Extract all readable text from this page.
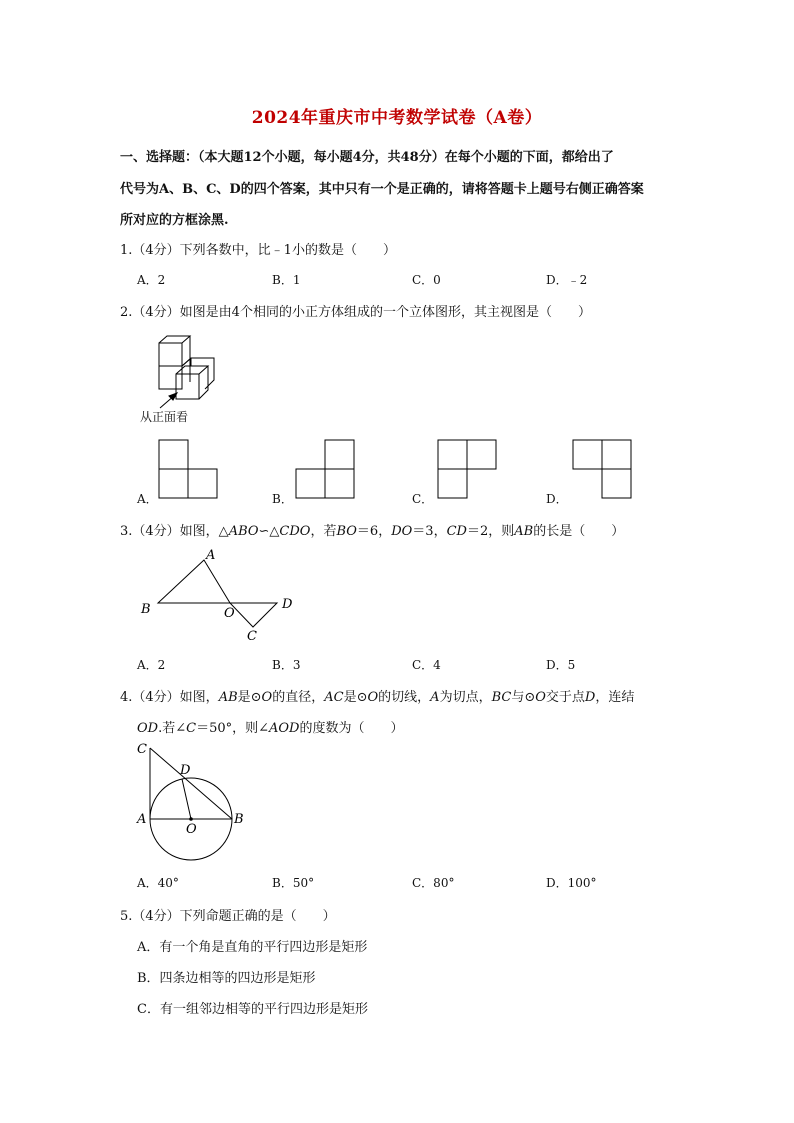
2024年重庆市中考数学试卷（A卷）
一、选择题：（本大题12个小题，每小题4分，共48分）在每个小题的下面，都给出了
代号为A、B、C、D的四个答案，其中只有一个是正确的，请将答题卡上题号右侧正确答案
所对应的方框涂黑.
1.（4分）下列各数中，比﹣1小的数是（　　）
A．2	B．1	C．0	D．﹣2
2.（4分）如图是由4个相同的小正方体组成的一个立体图形，其主视图是（　　）
从正面看
A．	B．	C．	D．
3.（4分）如图，△ABO∽△CDO，若BO＝6，DO＝3，CD＝2，则AB的长是（　　）
A
B	O
C
D
A．2	B．3	C．4	D．5
4.（4分）如图，AB是⊙O的直径，AC是⊙O的切线，A为切点，BC与⊙O交于点D，连结
OD.若∠C＝50°，则∠AOD的度数为（　　）
C
D
A
O
B
A．40°	B．50°	C．80°	D．100°
5.（4分）下列命题正确的是（　　）
A．有一个角是直角的平行四边形是矩形
B．四条边相等的四边形是矩形
C．有一组邻边相等的平行四边形是矩形
